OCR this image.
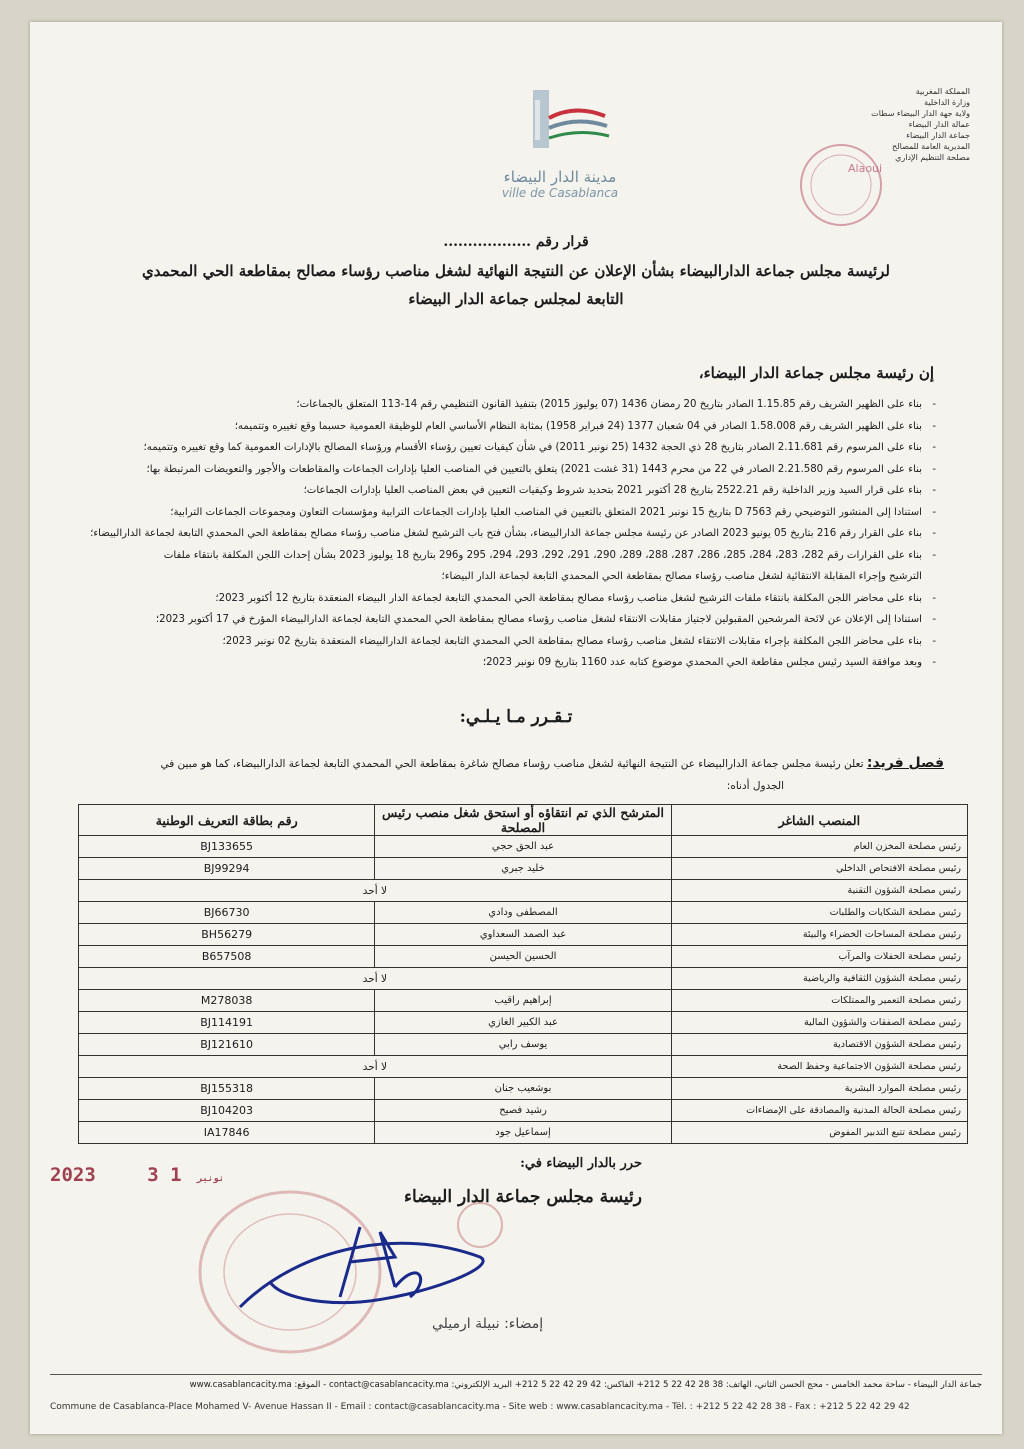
مدينة الدار البيضاء
ville de Casablanca
المملكة المغربية
وزارة الداخلية
ولاية جهة الدار البيضاء سطات
عمالة الدار البيضاء
جماعة الدار البيضاء
المديرية العامة للمصالح
مصلحة التنظيم الإداري
Alaoui
قرار رقم ..................
لرئيسة مجلس جماعة الدارالبيضاء بشأن الإعلان عن النتيجة النهائية لشغل مناصب رؤساء مصالح بمقاطعة الحي المحمدي
التابعة لمجلس جماعة الدار البيضاء
إن رئيسة مجلس جماعة الدار البيضاء،
-
بناء على الظهير الشريف رقم 1.15.85 الصادر بتاريخ 20 رمضان 1436 (07 يوليوز 2015) بتنفيذ القانون التنظيمي رقم 14-113 المتعلق بالجماعات؛
-
بناء على الظهير الشريف رقم 1.58.008 الصادر في 04 شعبان 1377 (24 فبراير 1958) بمثابة النظام الأساسي العام للوظيفة العمومية حسبما وقع تغييره وتتميمه؛
-
بناء على المرسوم رقم 2.11.681 الصادر بتاريخ 28 ذي الحجة 1432 (25 نونبر 2011) في شأن كيفيات تعيين رؤساء الأقسام ورؤساء المصالح بالإدارات العمومية كما وقع تغييره وتتميمه؛
-
بناء على المرسوم رقم 2.21.580 الصادر في 22 من محرم 1443 (31 غشت 2021) يتعلق بالتعيين في المناصب العليا بإدارات الجماعات والمقاطعات والأجور والتعويضات المرتبطة بها؛
-
بناء على قرار السيد وزير الداخلية رقم 2522.21 بتاريخ 28 أكتوبر 2021 بتحديد شروط وكيفيات التعيين في بعض المناصب العليا بإدارات الجماعات؛
-
استنادا إلى المنشور التوضيحي رقم D 7563 بتاريخ 15 نونبر 2021 المتعلق بالتعيين في المناصب العليا بإدارات الجماعات الترابية ومؤسسات التعاون ومجموعات الجماعات الترابية؛
-
بناء على القرار رقم 216 بتاريخ 05 يونيو 2023 الصادر عن رئيسة مجلس جماعة الدارالبيضاء، بشأن فتح باب الترشيح لشغل مناصب رؤساء مصالح بمقاطعة الحي المحمدي التابعة لجماعة الدارالبيضاء؛
-
بناء على القرارات رقم 282، 283، 284، 285، 286، 287، 288، 289، 290، 291، 292، 293، 294، 295 و296 بتاريخ 18 يوليوز 2023 بشأن إحداث اللجن المكلفة بانتقاء ملفات
الترشيح وإجراء المقابلة الانتقائية لشغل مناصب رؤساء مصالح بمقاطعة الحي المحمدي التابعة لجماعة الدار البيضاء؛
-
بناء على محاضر اللجن المكلفة بانتقاء ملفات الترشيح لشغل مناصب رؤساء مصالح بمقاطعة الحي المحمدي التابعة لجماعة الدار البيضاء المنعقدة بتاريخ 12 أكتوبر 2023؛
-
استنادا إلى الإعلان عن لائحة المرشحين المقبولين لاجتياز مقابلات الانتقاء لشغل مناصب رؤساء مصالح بمقاطعة الحي المحمدي التابعة لجماعة الدارالبيضاء المؤرخ في 17 أكتوبر 2023؛
-
بناء على محاضر اللجن المكلفة بإجراء مقابلات الانتقاء لشغل مناصب رؤساء مصالح بمقاطعة الحي المحمدي التابعة لجماعة الدارالبيضاء المنعقدة بتاريخ 02 نونبر 2023؛
-
وبعد موافقة السيد رئيس مجلس مقاطعة الحي المحمدي موضوع كتابه عدد 1160 بتاريخ 09 نونبر 2023؛
تـقـرر مـا يـلـي:
فصل فريد: تعلن رئيسة مجلس جماعة الدارالبيضاء عن النتيجة النهائية لشغل مناصب رؤساء مصالح شاغرة بمقاطعة الحي المحمدي التابعة لجماعة الدارالبيضاء، كما هو مبين في
الجدول أدناه:
المنصب الشاغر	المترشح الذي تم انتقاؤه أو استحق شغل منصب رئيس المصلحة	رقم بطاقة التعريف الوطنية
رئيس مصلحة المخزن العام	عبد الحق حجي	BJ133655
رئيس مصلحة الافتحاص الداخلي	خليد جبري	BJ99294
رئيس مصلحة الشؤون التقنية	لا أحد	
رئيس مصلحة الشكايات والطلبات	المصطفى ودادي	BJ66730
رئيس مصلحة المساحات الخضراء والبيئة	عبد الصمد السعداوي	BH56279
رئيس مصلحة الحفلات والمرآب	الحسين الحيسن	B657508
رئيس مصلحة الشؤون الثقافية والرياضية	لا أحد	
رئيس مصلحة التعمير والممتلكات	إبراهيم راقيب	M278038
رئيس مصلحة الصفقات والشؤون المالية	عبد الكبير الغازي	BJ114191
رئيس مصلحة الشؤون الاقتصادية	يوسف رابي	BJ121610
رئيس مصلحة الشؤون الاجتماعية وحفظ الصحة	لا أحد	
رئيس مصلحة الموارد البشرية	بوشعيب جنان	BJ155318
رئيس مصلحة الحالة المدنية والمصادقة على الإمضاءات	رشيد فصيح	BJ104203
رئيس مصلحة تتبع التدبير المفوض	إسماعيل جود	IA17846
حرر بالدار البيضاء في:
2023	نونبر 1 3
رئيسة مجلس جماعة الدار البيضاء
إمضاء: نبيلة ارميلي
جماعة الدار البيضاء - ساحة محمد الخامس - محج الحسن الثاني، الهاتف: 38 28 42 22 5 212+ الفاكس: 42 29 42 22 5 212+ البريد الإلكتروني: contact@casablancacity.ma - الموقع: www.casablancacity.ma
Commune de Casablanca-Place Mohamed V- Avenue Hassan II - Email : contact@casablancacity.ma - Site web : www.casablancacity.ma - Tél. : +212 5 22 42 28 38 - Fax : +212 5 22 42 29 42
